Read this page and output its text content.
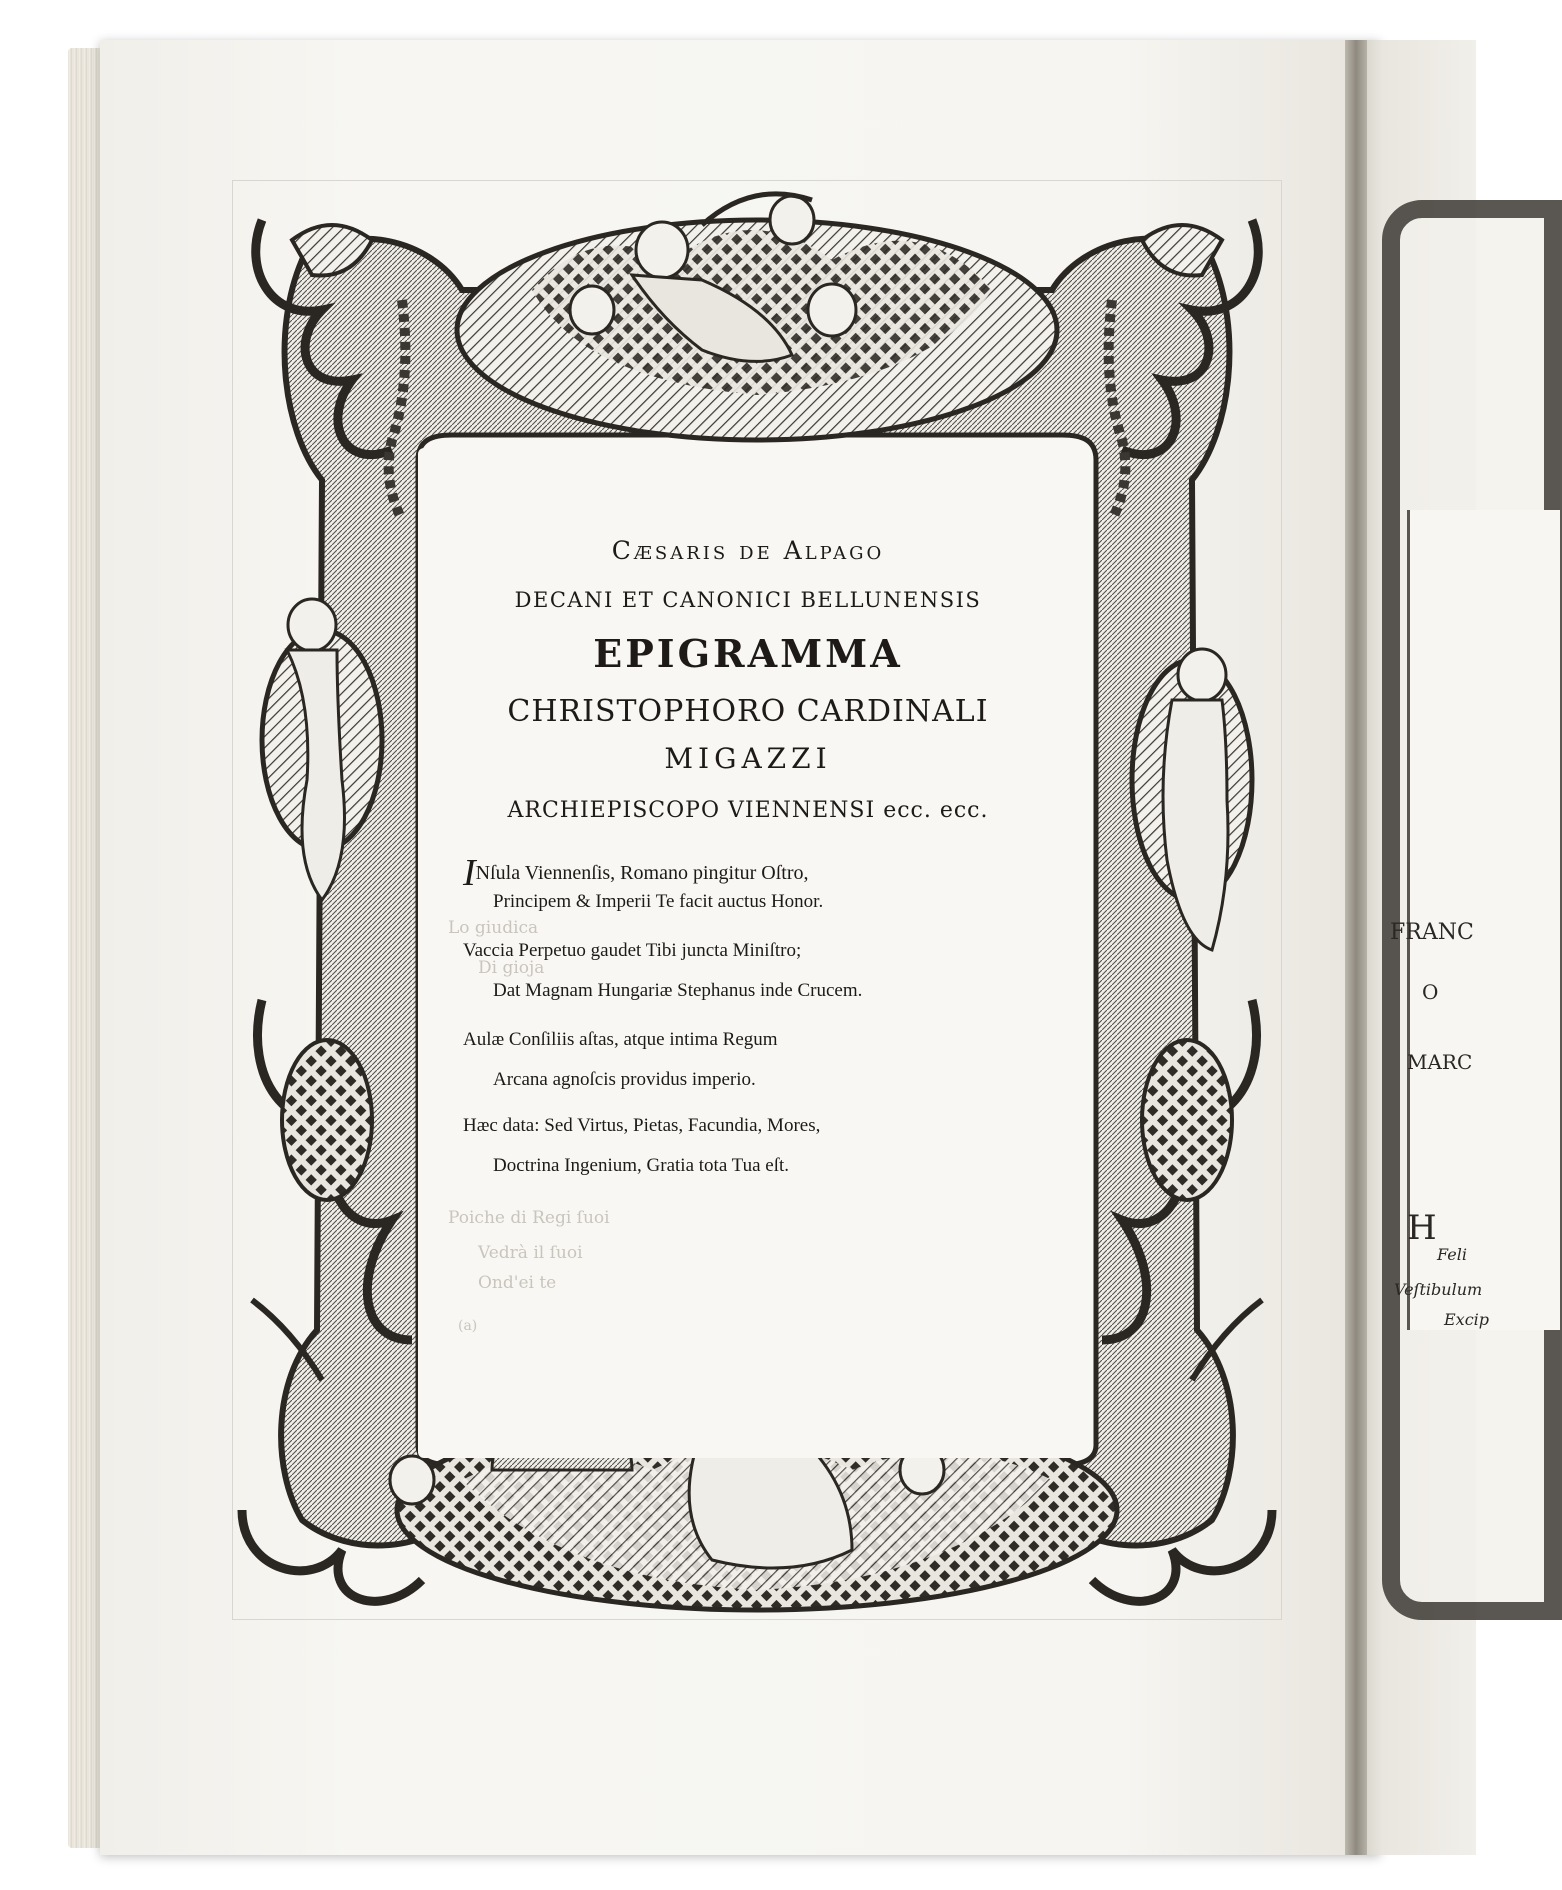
FRANC
O
MARC
H
Feli
Veſtibulum
Excip
Lo giudica
Di gioja
Poiche di Regi ſuoi
Vedrà il ſuoi
Ond'ei te
(a)
Cæsaris de Alpago
DECANI ET CANONICI BELLUNENSIS
EPIGRAMMA
CHRISTOPHORO CARDINALI
MIGAZZI
ARCHIEPISCOPO VIENNENSI ecc. ecc.
INſula Viennenſis, Romano pingitur Oſtro,
Principem & Imperii Te facit auctus Honor.
Vaccia Perpetuo gaudet Tibi juncta Miniſtro;
Dat Magnam Hungariæ Stephanus inde Crucem.
Aulæ Conſiliis aſtas, atque intima Regum
Arcana agnoſcis providus imperio.
Hæc data: Sed Virtus, Pietas, Facundia, Mores,
Doctrina Ingenium, Gratia tota Tua eſt.
